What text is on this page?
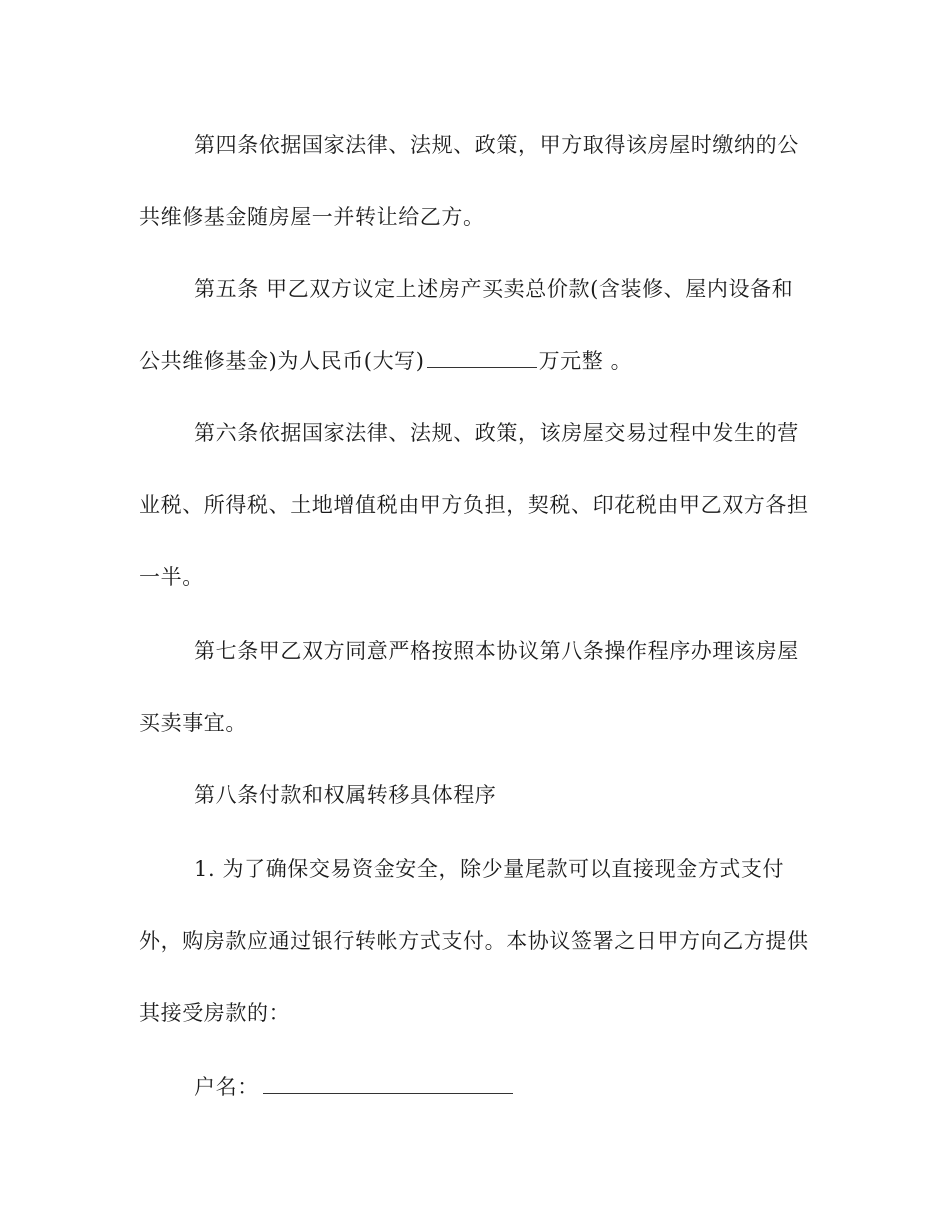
第四条依据国家法律、法规、政策，甲方取得该房屋时缴纳的公
共维修基金随房屋一并转让给乙方。
第五条 甲乙双方议定上述房产买卖总价款(含装修、屋内设备和
公共维修基金)为人民币(大写)	万元整 。
第六条依据国家法律、法规、政策，该房屋交易过程中发生的营
业税、所得税、土地增值税由甲方负担，契税、印花税由甲乙双方各担
一半。
第七条甲乙双方同意严格按照本协议第八条操作程序办理该房屋
买卖事宜。
第八条付款和权属转移具体程序
1. 为了确保交易资金安全，除少量尾款可以直接现金方式支付
外，购房款应通过银行转帐方式支付。本协议签署之日甲方向乙方提供
其接受房款的：
户名：
